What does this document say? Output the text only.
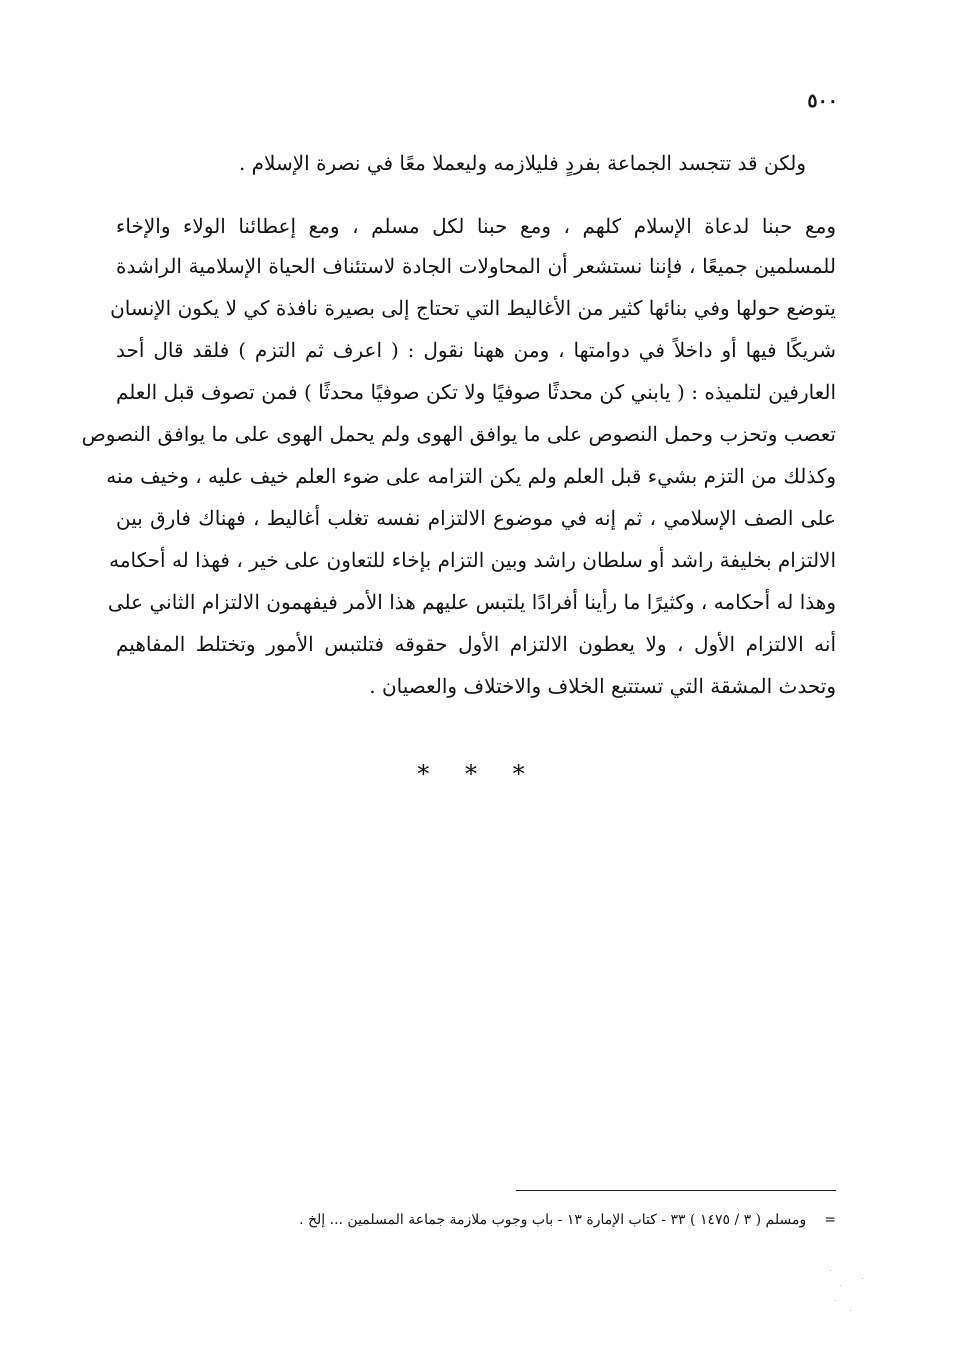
٥٠٠
ولكن قد تتجسد الجماعة بفردٍ فليلازمه وليعملا معًا في نصرة الإسلام .
ومع حبنا لدعاة الإسلام كلهم ، ومع حبنا لكل مسلم ، ومع إعطائنا الولاء والإخاء
للمسلمين جميعًا ، فإننا نستشعر أن المحاولات الجادة لاستئناف الحياة الإسلامية الراشدة
يتوضع حولها وفي بنائها كثير من الأغاليط التي تحتاج إلى بصيرة نافذة كي لا يكون الإنسان
شريكًا فيها أو داخلاً في دوامتها ، ومن ههنا نقول : ( اعرف ثم التزم ) فلقد قال أحد
العارفين لتلميذه : ( يابني كن محدثًا صوفيًا ولا تكن صوفيًا محدثًا ) فمن تصوف قبل العلم
تعصب وتحزب وحمل النصوص على ما يوافق الهوى ولم يحمل الهوى على ما يوافق النصوص
وكذلك من التزم بشيء قبل العلم ولم يكن التزامه على ضوء العلم خيف عليه ، وخيف منه
على الصف الإسلامي ، ثم إنه في موضوع الالتزام نفسه تغلب أغاليط ، فهناك فارق بين
الالتزام بخليفة راشد أو سلطان راشد وبين التزام بإخاء للتعاون على خير ، فهذا له أحكامه
وهذا له أحكامه ، وكثيرًا ما رأينا أفرادًا يلتبس عليهم هذا الأمر فيفهمون الالتزام الثاني على
أنه الالتزام الأول ، ولا يعطون الالتزام الأول حقوقه فتلتبس الأمور وتختلط المفاهيم
وتحدث المشقة التي تستتبع الخلاف والاختلاف والعصيان .
* * *
=ومسلم ( ٣ / ١٤٧٥ ) ٣٣ - كتاب الإمارة ١٣ - باب وجوب ملازمة جماعة المسلمين ... إلخ .
